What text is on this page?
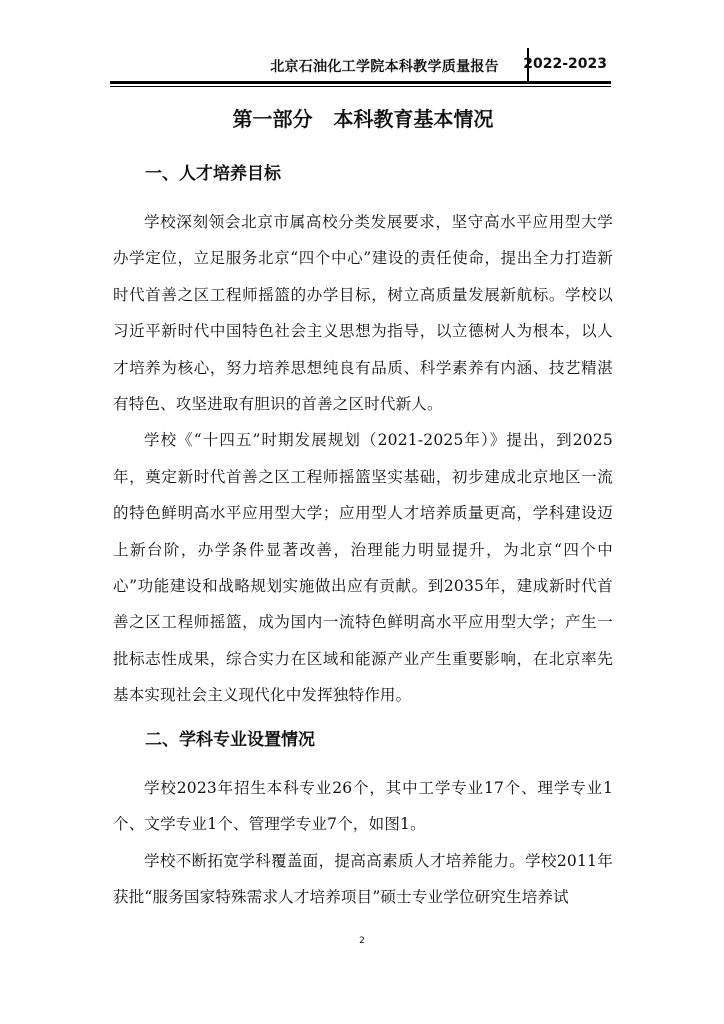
北京石油化工学院本科教学质量报告 2022-2023
第一部分   本科教育基本情况
一、人才培养目标

学校深刻领会北京市属高校分类发展要求，坚守高水平应用型大学办学定位，立足服务北京“四个中心”建设的责任使命，提出全力打造新时代首善之区工程师摇篮的办学目标，树立高质量发展新航标。学校以习近平新时代中国特色社会主义思想为指导，以立德树人为根本，以人才培养为核心，努力培养思想纯良有品质、科学素养有内涵、技艺精湛有特色、攻坚进取有胆识的首善之区时代新人。

学校《“十四五”时期发展规划（2021-2025年）》提出，到2025年，奠定新时代首善之区工程师摇篮坚实基础，初步建成北京地区一流的特色鲜明高水平应用型大学；应用型人才培养质量更高，学科建设迈上新台阶，办学条件显著改善，治理能力明显提升，为北京“四个中心”功能建设和战略规划实施做出应有贡献。到2035年，建成新时代首善之区工程师摇篮，成为国内一流特色鲜明高水平应用型大学；产生一批标志性成果，综合实力在区域和能源产业产生重要影响，在北京率先基本实现社会主义现代化中发挥独特作用。

二、学科专业设置情况

学校2023年招生本科专业26个，其中工学专业17个、理学专业1个、文学专业1个、管理学专业7个，如图1。

学校不断拓宽学科覆盖面，提高高素质人才培养能力。学校2011年获批“服务国家特殊需求人才培养项目”硕士专业学位研究生培养试

2
